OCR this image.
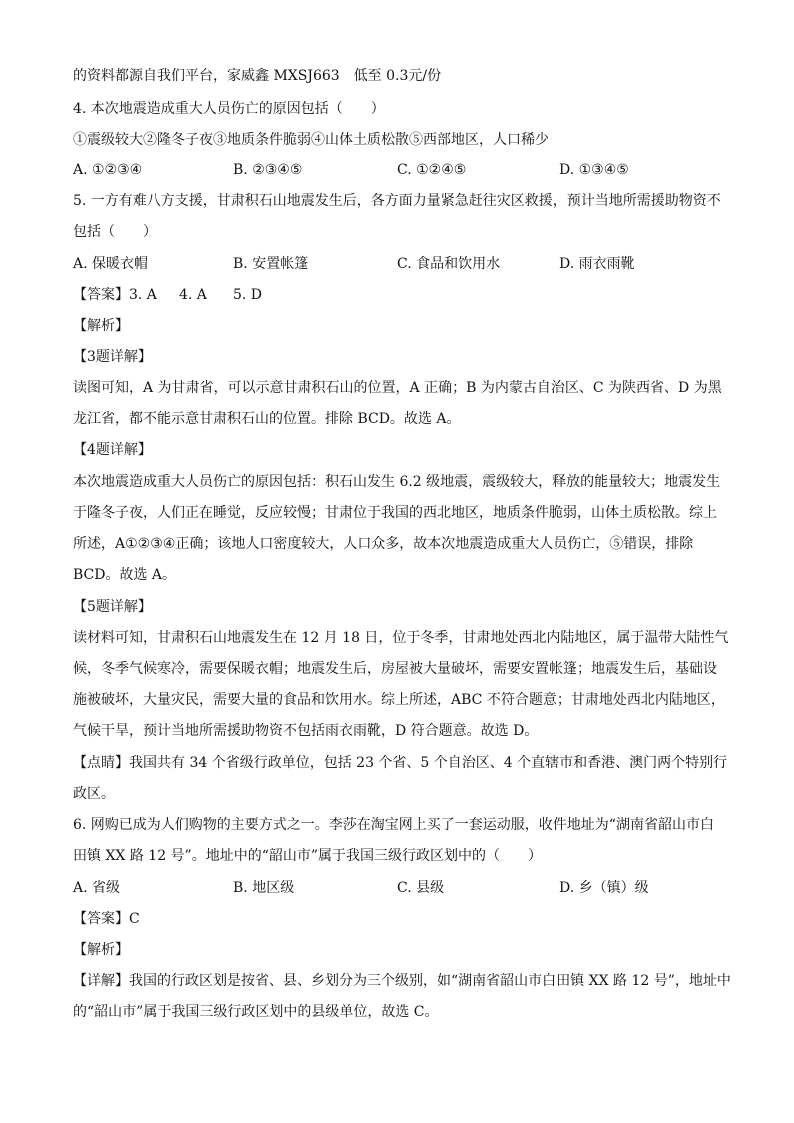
的资料都源自我们平台，家威鑫 MXSJ663　低至 0.3元/份
4. 本次地震造成重大人员伤亡的原因包括（　　）
①震级较大②隆冬子夜③地质条件脆弱④山体土质松散⑤西部地区，人口稀少
A. ①②③④	B. ②③④⑤	C. ①②④⑤	D. ①③④⑤
5. 一方有难八方支援，甘肃积石山地震发生后，各方面力量紧急赶往灾区救援，预计当地所需援助物资不
包括（　　）
A. 保暖衣帽	B. 安置帐篷	C. 食品和饮用水	D. 雨衣雨靴
【答案】3. A 4. A 5. D
【解析】
【3题详解】
读图可知，A 为甘肃省，可以示意甘肃积石山的位置，A 正确；B 为内蒙古自治区、C 为陕西省、D 为黑
龙江省，都不能示意甘肃积石山的位置。排除 BCD。故选 A。
【4题详解】
本次地震造成重大人员伤亡的原因包括：积石山发生 6.2 级地震，震级较大，释放的能量较大；地震发生
于隆冬子夜，人们正在睡觉，反应较慢；甘肃位于我国的西北地区，地质条件脆弱，山体土质松散。综上
所述，A①②③④正确；该地人口密度较大，人口众多，故本次地震造成重大人员伤亡，⑤错误，排除
BCD。故选 A。
【5题详解】
读材料可知，甘肃积石山地震发生在 12 月 18 日，位于冬季，甘肃地处西北内陆地区，属于温带大陆性气
候，冬季气候寒冷，需要保暖衣帽；地震发生后，房屋被大量破坏，需要安置帐篷；地震发生后，基础设
施被破坏，大量灾民，需要大量的食品和饮用水。综上所述，ABC 不符合题意；甘肃地处西北内陆地区，
气候干旱，预计当地所需援助物资不包括雨衣雨靴，D 符合题意。故选 D。
【点睛】我国共有 34 个省级行政单位，包括 23 个省、5 个自治区、4 个直辖市和香港、澳门两个特别行
政区。
6. 网购已成为人们购物的主要方式之一。李莎在淘宝网上买了一套运动服，收件地址为“湖南省韶山市白
田镇 XX 路 12 号”。地址中的“韶山市”属于我国三级行政区划中的（　　）
A. 省级	B. 地区级	C. 县级	D. 乡（镇）级
【答案】C
【解析】
【详解】我国的行政区划是按省、县、乡划分为三个级别，如“湖南省韶山市白田镇 XX 路 12 号”，地址中
的“韶山市”属于我国三级行政区划中的县级单位，故选 C。
